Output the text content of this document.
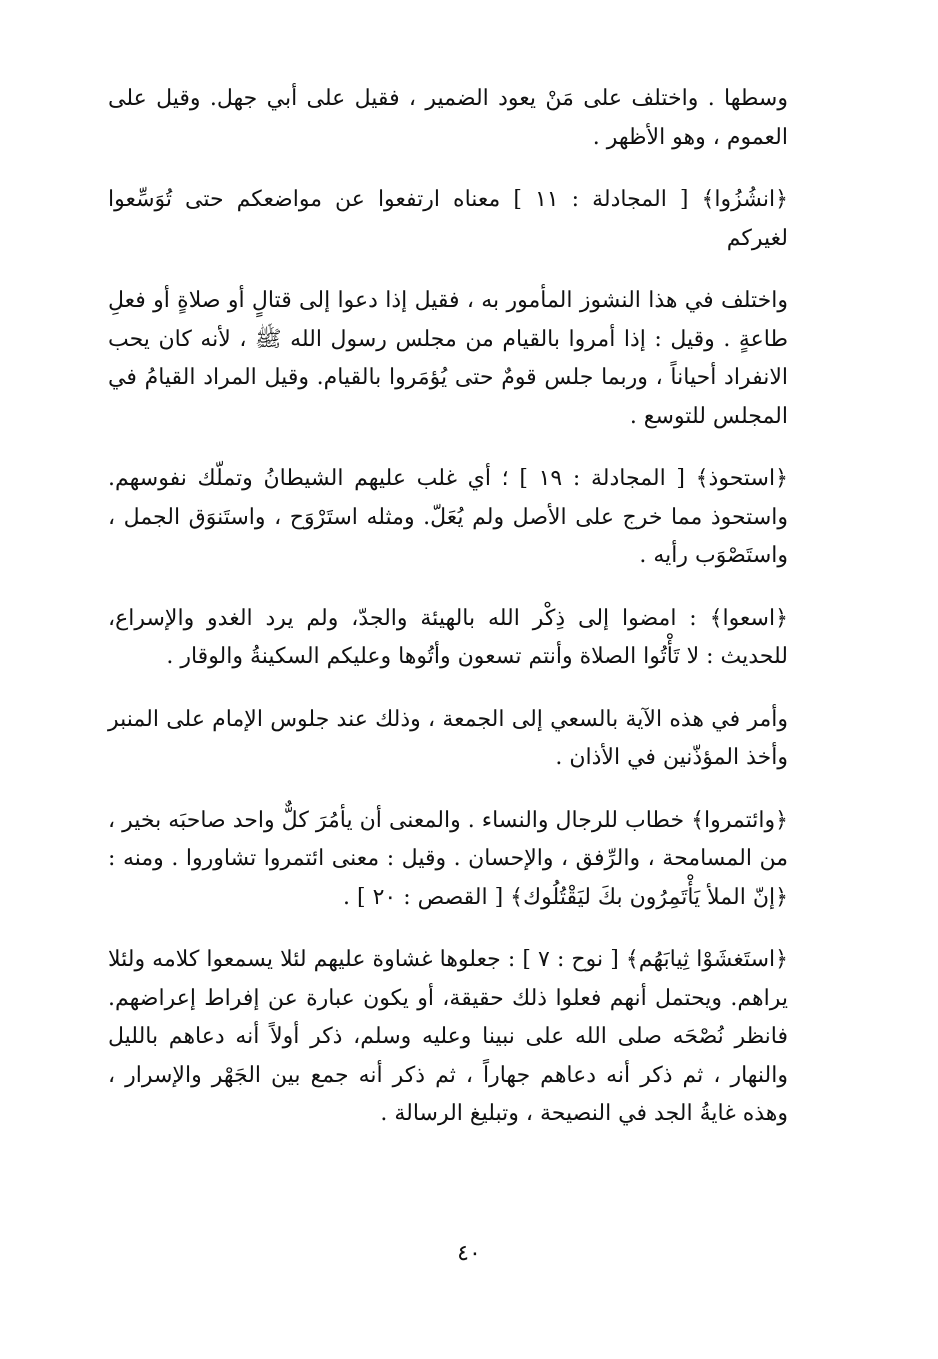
وسطها . واختلف على مَنْ يعود الضمير ، فقيل على أبي جهل. وقيل على العموم ، وهو الأظهر .

﴿انشُزُوا﴾ [ المجادلة : ١١ ] معناه ارتفعوا عن مواضعكم حتى تُوَسِّعوا لغيركم

واختلف في هذا النشوز المأمور به ، فقيل إذا دعوا إلى قتالٍ أو صلاةٍ أو فعلِ طاعةٍ . وقيل : إذا أمروا بالقيام من مجلس رسول الله ﷺ ، لأنه كان يحب الانفراد أحياناً ، وربما جلس قومٌ حتى يُؤمَروا بالقيام. وقيل المراد القيامُ في المجلس للتوسع .

﴿استحوذ﴾ [ المجادلة : ١٩ ] ؛ أي غلب عليهم الشيطانُ وتملّك نفوسهم. واستحوذ مما خرج على الأصل ولم يُعَلّ. ومثله استَرْوَح ، واستَنوَق الجمل ، واستَصْوَب رأيه .

﴿اسعوا﴾ : امضوا إلى ذِكْر الله بالهيئة والجدّ، ولم يرد الغدو والإسراع، للحديث : لا تَأْتُوا الصلاة وأنتم تسعون وأتُوها وعليكم السكينةُ والوقار .

وأمر في هذه الآية بالسعي إلى الجمعة ، وذلك عند جلوس الإمام على المنبر وأخذ المؤذّنين في الأذان .

﴿وائتمروا﴾ خطاب للرجال والنساء . والمعنى أن يأمُرَ كلٌّ واحد صاحبَه بخير ، من المسامحة ، والرِّفق ، والإحسان . وقيل : معنى ائتمروا تشاوروا . ومنه : ﴿إنّ الملأ يَأْتَمِرُون بكَ ليَقْتُلُوك﴾ [ القصص : ٢٠ ] .

﴿استَغشَوْا ثِيابَهُم﴾ [ نوح : ٧ ] : جعلوها غشاوة عليهم لئلا يسمعوا كلامه ولئلا يراهم. ويحتمل أنهم فعلوا ذلك حقيقة، أو يكون عبارة عن إفراط إعراضهم. فانظر نُصْحَه صلى الله على نبينا وعليه وسلم، ذكر أولاً أنه دعاهم بالليل والنهار ، ثم ذكر أنه دعاهم جهاراً ، ثم ذكر أنه جمع بين الجَهْر والإسرار ، وهذه غايةُ الجد في النصيحة ، وتبليغ الرسالة .

٤٠
